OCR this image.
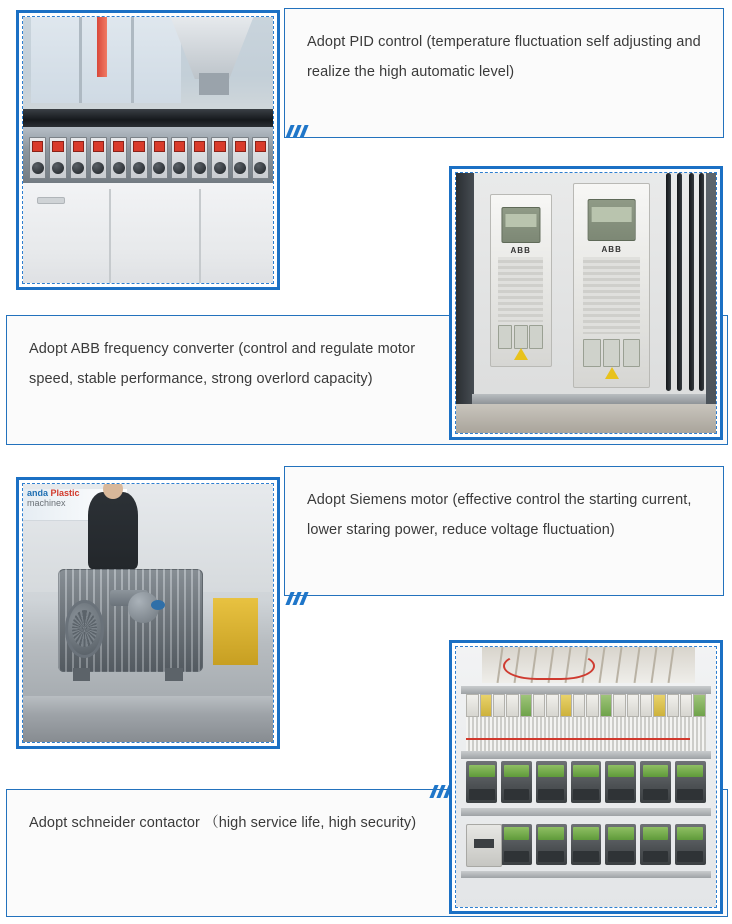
Adopt PID control (temperature fluctuation self adjusting and realize the high automatic level)

Adopt ABB frequency converter (control and regulate motor speed, stable performance, strong overlord capacity)

ABB	ABB

Adopt Siemens motor (effective control the starting current, lower staring power, reduce voltage fluctuation)

anda Plastic
machinex

Adopt schneider contactor （high service life, high security)
